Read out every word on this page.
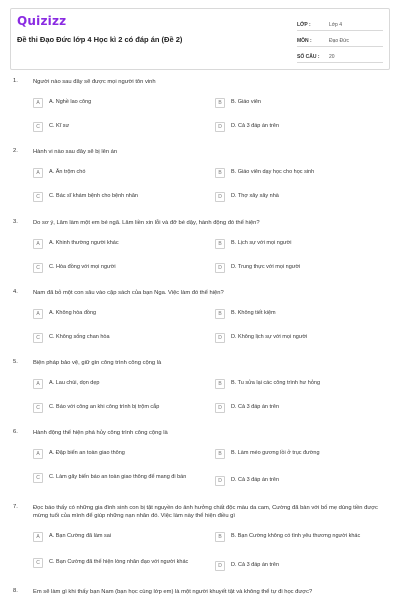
Quizizz
Đề thi Đạo Đức lớp 4 Học kì 2 có đáp án (Đề 2)
LỚP :	Lớp 4
MÔN :	Đạo Đức
SỐ CÂU :	20
1.	Người nào sau đây sẽ được mọi người tôn vinh
A	A. Nghề lao công	B	B. Giáo viên
C	C. Kĩ sư	D	D. Cả 3 đáp án trên
2.	Hành vi nào sau đây sẽ bị lên án
A	A. Ăn trộm chó	B	B. Giáo viên dạy học cho học sinh
C	C. Bác sĩ khám bệnh cho bệnh nhân	D	D. Thợ xây xây nhà
3.	Do sơ ý, Lâm làm một em bé ngã. Lâm liền xin lỗi và đỡ bé dậy, hành động đó thể hiện?
A	A. Khinh thường người khác	B	B. Lịch sự với mọi người
C	C. Hòa đồng với mọi người	D	D. Trung thực với mọi người
4.	Nam đã bỏ một con sâu vào cặp sách của bạn Nga. Việc làm đó thể hiện?
A	A. Không hòa đồng	B	B. Không tiết kiệm
C	C. Không sống chan hòa	D	D. Không lịch sự với mọi người
5.	Biện pháp bảo vệ, giữ gìn công trình công cộng là
A	A. Lau chùi, dọn dẹp	B	B. Tu sửa lại các công trình hư hỏng
C	C. Báo với công an khi công trình bị trộm cắp	D	D. Cả 3 đáp án trên
6.	Hành động thể hiện phá hủy công trình công cộng là
A	A. Đập biển an toàn giao thông	B	B. Làm méo gương lồi ở trục đường
C	C. Làm gãy biển báo an toàn giao thông để mang đi bán
D	D. Cả 3 đáp án trên
7.	Đọc báo thấy có những gia đình sinh con bị tật nguyền do ảnh hưởng chất độc màu da cam, Cường đã bàn với bố mẹ dùng tiền được mừng tuổi của mình để giúp những nạn nhân đó. Việc làm này thể hiện điều gì
A	A. Bạn Cường đã làm sai	B	B. Bạn Cường không có tình yêu thương người khác
C	C. Bạn Cường đã thể hiện lòng nhân đạo với người khác
D	D. Cả 3 đáp án trên
8.	Em sẽ làm gì khi thấy bạn Nam (bạn học cùng lớp em) là một người khuyết tật và không thể tự đi học được?
